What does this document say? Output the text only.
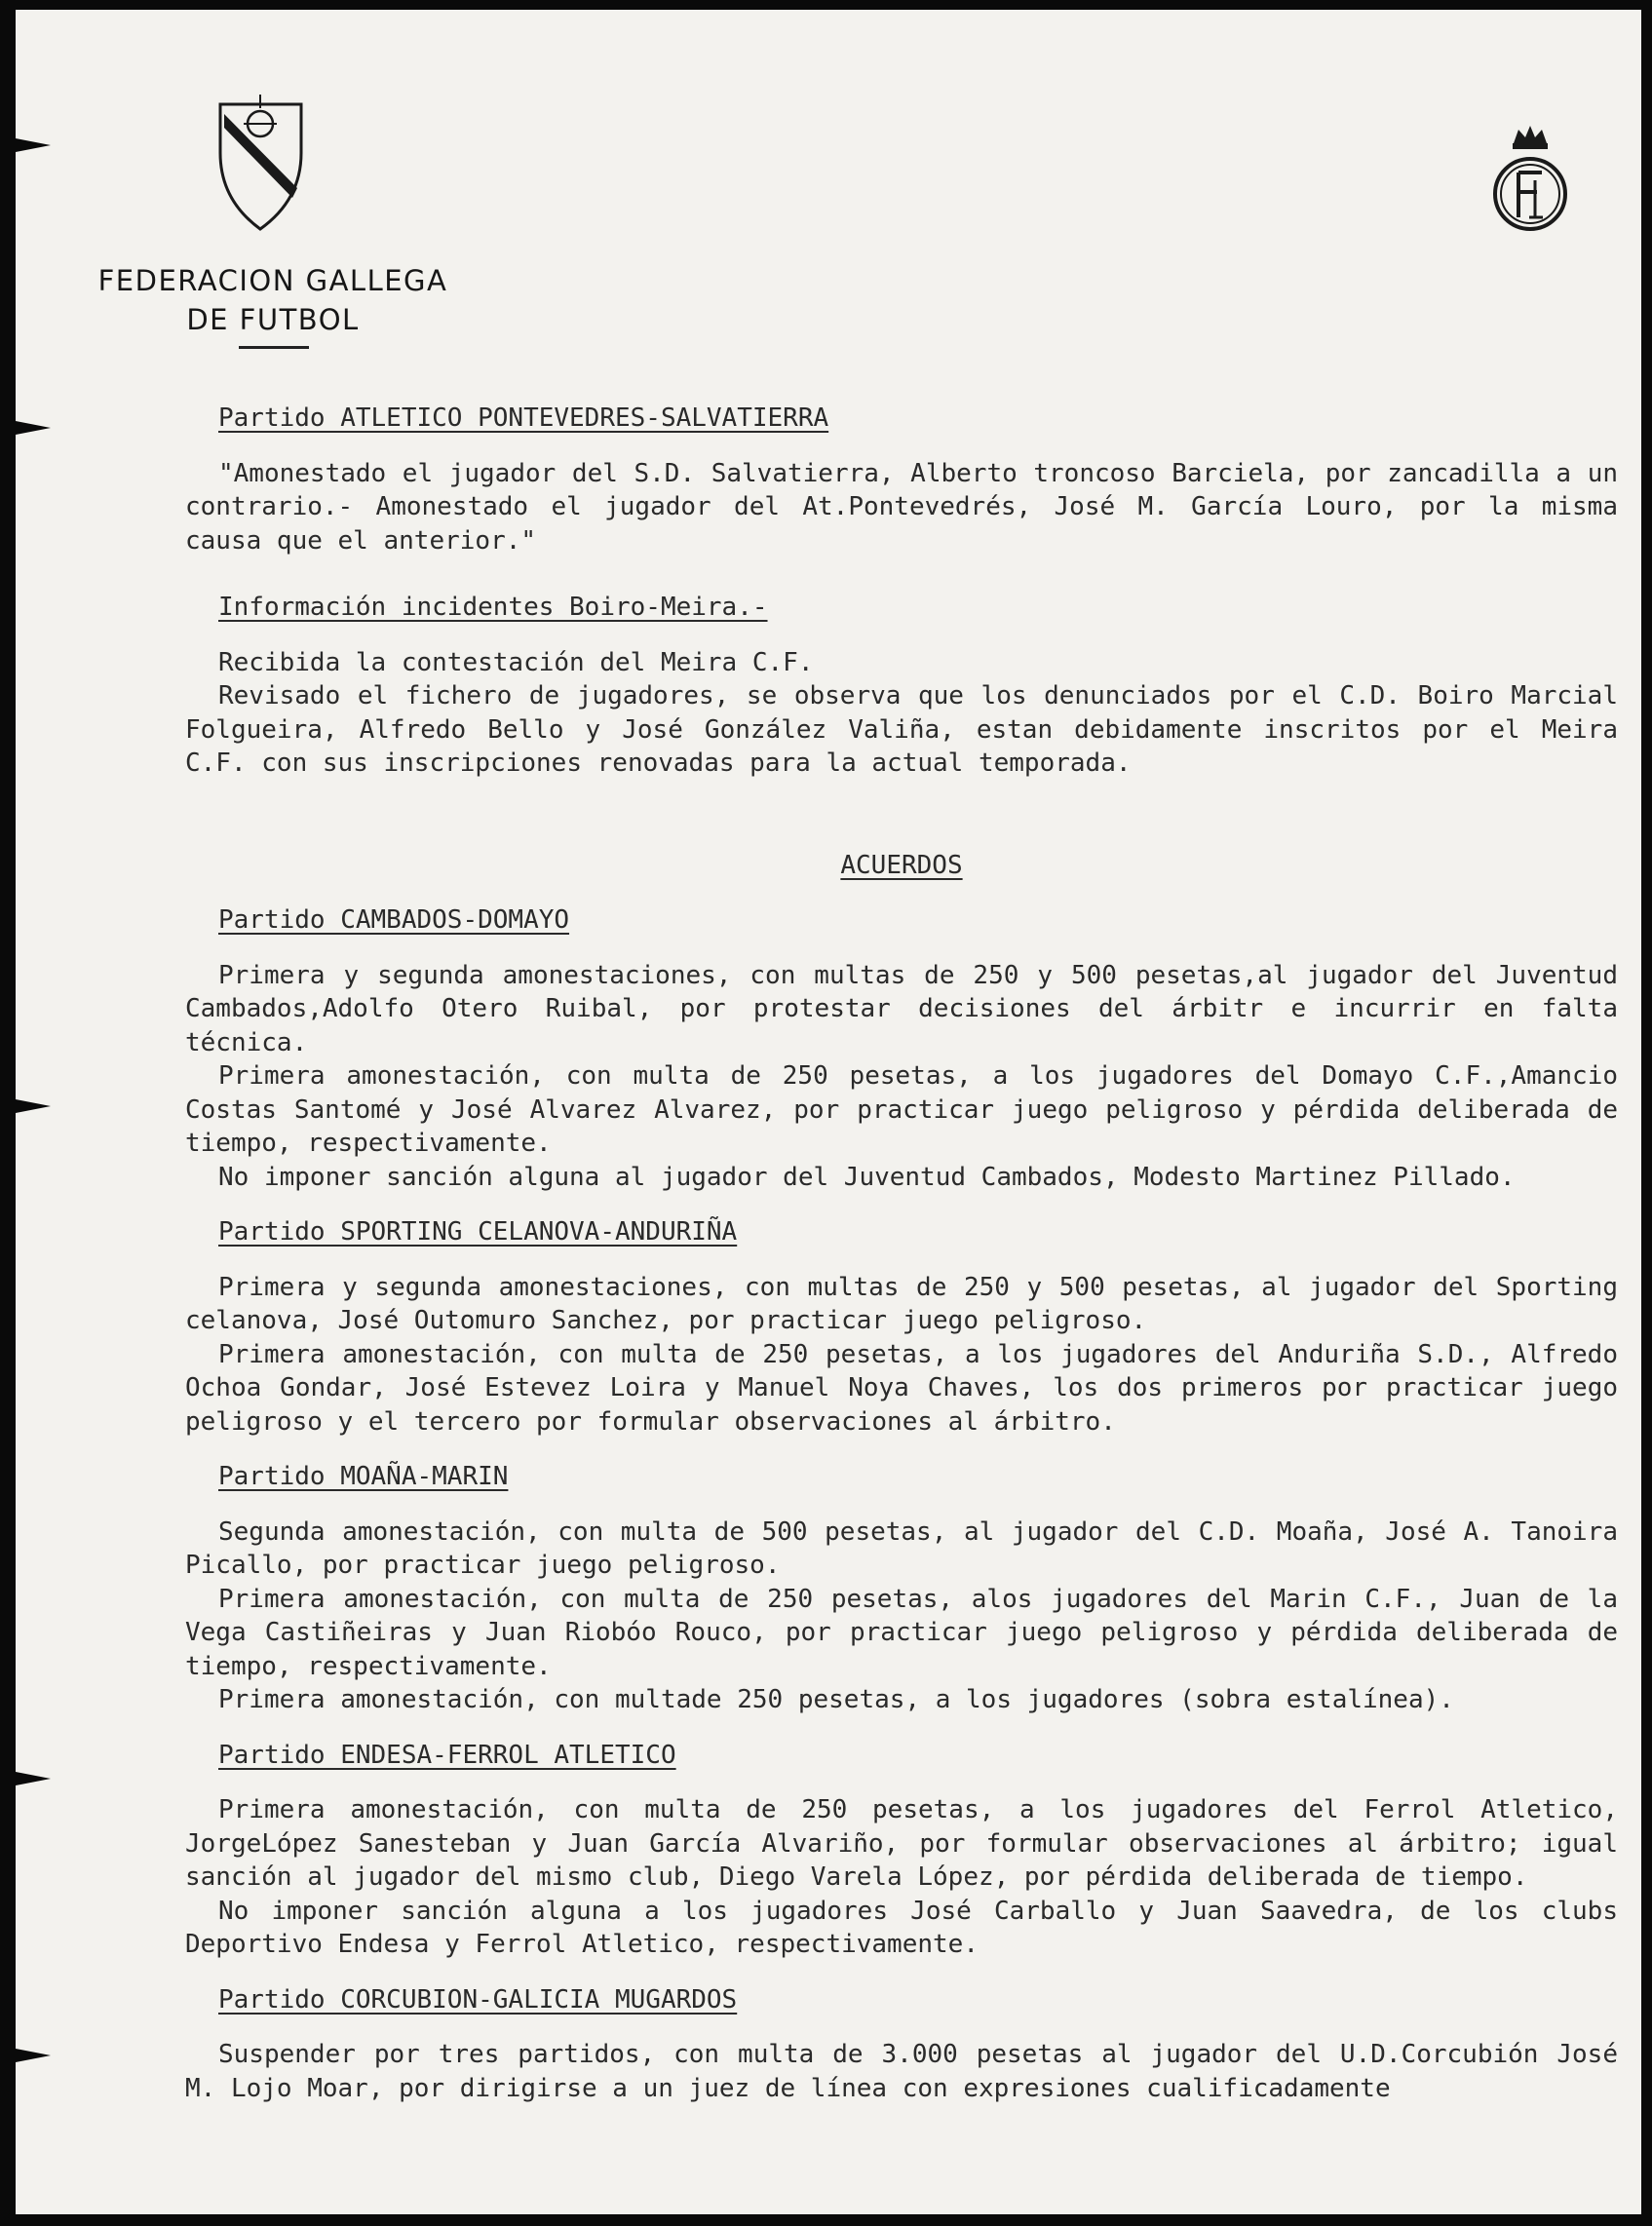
FEDERACION GALLEGA
DE FUTBOL

Partido ATLETICO PONTEVEDRES-SALVATIERRA

"Amonestado el jugador del S.D. Salvatierra, Alberto troncoso Barciela, por zancadilla a un contrario.- Amonestado el jugador del At.Pontevedrés, José M. García Louro, por la misma causa que el anterior."

Información incidentes Boiro-Meira.-

Recibida la contestación del Meira C.F.

Revisado el fichero de jugadores, se observa que los denunciados por el C.D. Boiro Marcial Folgueira, Alfredo Bello y José González Valiña, estan debidamente inscritos por el Meira C.F. con sus inscripciones renovadas para la actual temporada.

ACUERDOS

Partido CAMBADOS-DOMAYO

Primera y segunda amonestaciones, con multas de 250 y 500 pesetas,al jugador del Juventud Cambados,Adolfo Otero Ruibal, por protestar decisiones del árbitr e incurrir en falta técnica.

Primera amonestación, con multa de 250 pesetas, a los jugadores del Domayo C.F.,Amancio Costas Santomé y José Alvarez Alvarez, por practicar juego peligroso y pérdida deliberada de tiempo, respectivamente.

No imponer sanción alguna al jugador del Juventud Cambados, Modesto Martinez Pillado.

Partido SPORTING CELANOVA-ANDURIÑA

Primera y segunda amonestaciones, con multas de 250 y 500 pesetas, al jugador del Sporting celanova, José Outomuro Sanchez, por practicar juego peligroso.

Primera amonestación, con multa de 250 pesetas, a los jugadores del Anduriña S.D., Alfredo Ochoa Gondar, José Estevez Loira y Manuel Noya Chaves, los dos primeros por practicar juego peligroso y el tercero por formular observaciones al árbitro.

Partido MOAÑA-MARIN

Segunda amonestación, con multa de 500 pesetas, al jugador del C.D. Moaña, José A. Tanoira Picallo, por practicar juego peligroso.

Primera amonestación, con multa de 250 pesetas, alos jugadores del Marin C.F., Juan de la Vega Castiñeiras y Juan Riobóo Rouco, por practicar juego peligroso y pérdida deliberada de tiempo, respectivamente.

Primera amonestación, con multade 250 pesetas, a los jugadores (sobra estalínea).

Partido ENDESA-FERROL ATLETICO

Primera amonestación, con multa de 250 pesetas, a los jugadores del Ferrol Atletico, JorgeLópez Sanesteban y Juan García Alvariño, por formular observaciones al árbitro; igual sanción al jugador del mismo club, Diego Varela López, por pérdida deliberada de tiempo.

No imponer sanción alguna a los jugadores José Carballo y Juan Saavedra, de los clubs Deportivo Endesa y Ferrol Atletico, respectivamente.

Partido CORCUBION-GALICIA MUGARDOS

Suspender por tres partidos, con multa de 3.000 pesetas al jugador del U.D.Corcubión José M. Lojo Moar, por dirigirse a un juez de línea con expresiones cualificadamente
